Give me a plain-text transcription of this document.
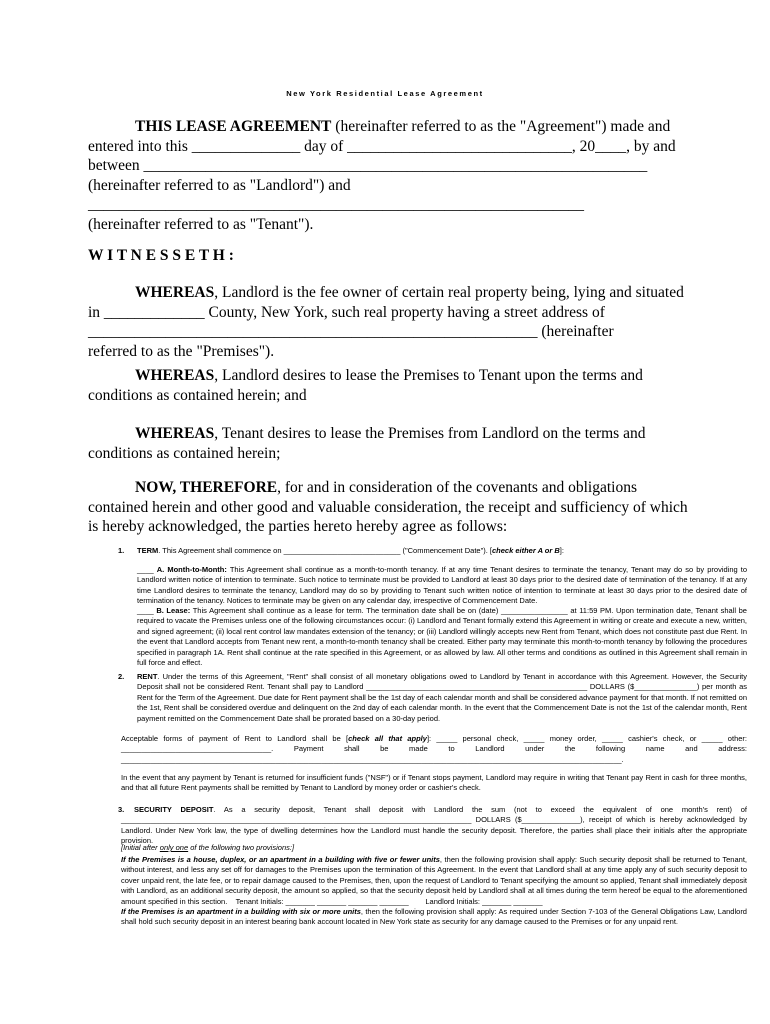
New York Residential Lease Agreement
THIS LEASE AGREEMENT (hereinafter referred to as the "Agreement") made and
entered into this ______________ day of _____________________________, 20____, by and
between _________________________________________________________________
(hereinafter referred to as "Landlord") and
________________________________________________________________
(hereinafter referred to as "Tenant").
W I T N E S S E T H :
WHEREAS, Landlord is the fee owner of certain real property being, lying and situated
in _____________ County, New York, such real property having a street address of
__________________________________________________________ (hereinafter
referred to as the "Premises").
WHEREAS, Landlord desires to lease the Premises to Tenant upon the terms and
conditions as contained herein; and
WHEREAS, Tenant desires to lease the Premises from Landlord on the terms and
conditions as contained herein;
NOW, THEREFORE, for and in consideration of the covenants and obligations
contained herein and other good and valuable consideration, the receipt and sufficiency of which
is hereby acknowledged, the parties hereto hereby agree as follows:
1. TERM. This Agreement shall commence on ____________________________ ("Commencement Date"). [check either A or B]:
____ A. Month-to-Month: This Agreement shall continue as a month-to-month tenancy. If at any time Tenant desires to terminate the tenancy, Tenant may do so by providing to Landlord written notice of intention to terminate. Such notice to terminate must be provided to Landlord at least 30 days prior to the desired date of termination of the tenancy. If at any time Landlord desires to terminate the tenancy, Landlord may do so by providing to Tenant such written notice of intention to terminate at least 30 days prior to the desired date of termination of the tenancy. Notices to terminate may be given on any calendar day, irrespective of Commencement Date.
____ B. Lease: This Agreement shall continue as a lease for term. The termination date shall be on (date) ________________ at 11:59 PM. Upon termination date, Tenant shall be required to vacate the Premises unless one of the following circumstances occur: (i) Landlord and Tenant formally extend this Agreement in writing or create and execute a new, written, and signed agreement; (ii) local rent control law mandates extension of the tenancy; or (iii) Landlord willingly accepts new Rent from Tenant, which does not constitute past due Rent. In the event that Landlord accepts from Tenant new rent, a month-to-month tenancy shall be created. Either party may terminate this month-to-month tenancy by following the procedures specified in paragraph 1A. Rent shall continue at the rate specified in this Agreement, or as allowed by law. All other terms and conditions as outlined in this Agreement shall remain in full force and effect.
2. RENT. Under the terms of this Agreement, "Rent" shall consist of all monetary obligations owed to Landlord by Tenant in accordance with this Agreement. However, the Security Deposit shall not be considered Rent. Tenant shall pay to Landlord _____________________________________________________ DOLLARS ($_______________) per month as Rent for the Term of the Agreement. Due date for Rent payment shall be the 1st day of each calendar month and shall be considered advance payment for that month. If not remitted on the 1st, Rent shall be considered overdue and delinquent on the 2nd day of each calendar month. In the event that the Commencement Date is not the 1st of the calendar month, Rent payment remitted on the Commencement Date shall be prorated based on a 30-day period.
Acceptable forms of payment of Rent to Landlord shall be [check all that apply]: _____ personal check, _____ money order, _____ cashier's check, or _____ other: ____________________________________. Payment shall be made to Landlord under the following name and address: ________________________________________________________________________________________________________________________.
In the event that any payment by Tenant is returned for insufficient funds ("NSF") or if Tenant stops payment, Landlord may require in writing that Tenant pay Rent in cash for three months, and that all future Rent payments shall be remitted by Tenant to Landlord by money order or cashier's check.
3.	SECURITY DEPOSIT. As a security deposit, Tenant shall deposit with Landlord the sum (not to exceed the equivalent of one month's rent) of ____________________________________________________________________________________ DOLLARS ($______________), receipt of which is hereby acknowledged by Landlord. Under New York law, the type of dwelling determines how the Landlord must handle the security deposit. Therefore, the parties shall place their initials after the appropriate provision.
[Initial after only one of the following two provisions:]
If the Premises is a house, duplex, or an apartment in a building with five or fewer units, then the following provision shall apply: Such security deposit shall be returned to Tenant, without interest, and less any set off for damages to the Premises upon the termination of this Agreement. In the event that Landlord shall at any time apply any of such security deposit to cover unpaid rent, the late fee, or to repair damage caused to the Premises, then, upon the request of Landlord to Tenant specifying the amount so applied, Tenant shall immediately deposit with Landlord, as an additional security deposit, the amount so applied, so that the security deposit held by Landlord shall at all times during the term hereof be equal to the aforementioned amount specified in this section.    Tenant Initials: _______ _______ _______ _______        Landlord Initials: _______ _______
If the Premises is an apartment in a building with six or more units, then the following provision shall apply: As required under Section 7-103 of the General Obligations Law, Landlord shall hold such security deposit in an interest bearing bank account located in New York state as security for any damage caused to the Premises or for any unpaid rent.
